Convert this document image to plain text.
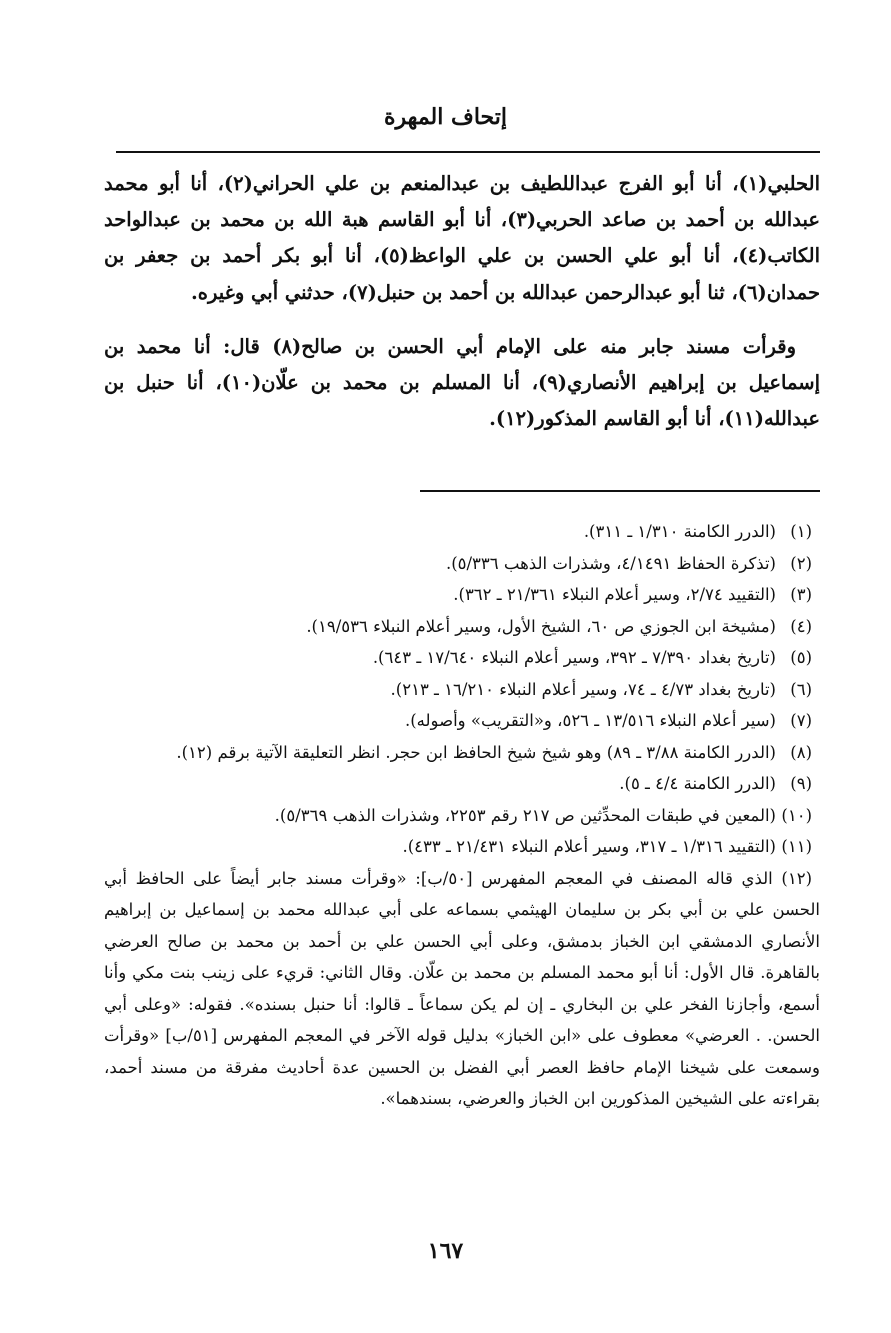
إتحاف المهرة

الحلبي(١)، أنا أبو الفرج عبداللطيف بن عبدالمنعم بن علي الحراني(٢)، أنا أبو محمد عبدالله بن أحمد بن صاعد الحربي(٣)، أنا أبو القاسم هبة الله بن محمد بن عبدالواحد الكاتب(٤)، أنا أبو علي الحسن بن علي الواعظ(٥)، أنا أبو بكر أحمد بن جعفر بن حمدان(٦)، ثنا أبو عبدالرحمن عبدالله بن أحمد بن حنبل(٧)، حدثني أبي وغيره.

وقرأت مسند جابر منه على الإمام أبي الحسن بن صالح(٨) قال: أنا محمد بن إسماعيل بن إبراهيم الأنصاري(٩)، أنا المسلم بن محمد بن علّان(١٠)، أنا حنبل بن عبدالله(١١)، أنا أبو القاسم المذكور(١٢).

(١)
(الدرر الكامنة ١/٣١٠ ـ ٣١١).
(٢)
(تذكرة الحفاظ ٤/١٤٩١، وشذرات الذهب ٥/٣٣٦).
(٣)
(التقييد ٢/٧٤، وسير أعلام النبلاء ٢١/٣٦١ ـ ٣٦٢).
(٤)
(مشيخة ابن الجوزي ص ٦٠، الشيخ الأول، وسير أعلام النبلاء ١٩/٥٣٦).
(٥)
(تاريخ بغداد ٧/٣٩٠ ـ ٣٩٢، وسير أعلام النبلاء ١٧/٦٤٠ ـ ٦٤٣).
(٦)
(تاريخ بغداد ٤/٧٣ ـ ٧٤، وسير أعلام النبلاء ١٦/٢١٠ ـ ٢١٣).
(٧)
(سير أعلام النبلاء ١٣/٥١٦ ـ ٥٢٦، و«التقريب» وأصوله).
(٨)
(الدرر الكامنة ٣/٨٨ ـ ٨٩) وهو شيخ شيخ الحافظ ابن حجر. انظر التعليقة الآتية برقم (١٢).
(٩)
(الدرر الكامنة ٤/٤ ـ ٥).
(١٠)
(المعين في طبقات المحدِّثين ص ٢١٧ رقم ٢٢٥٣، وشذرات الذهب ٥/٣٦٩).
(١١)
(التقييد ١/٣١٦ ـ ٣١٧، وسير أعلام النبلاء ٢١/٤٣١ ـ ٤٣٣).
(١٢) الذي قاله المصنف في المعجم المفهرس [٥٠/ب]: «وقرأت مسند جابر أيضاً على الحافظ أبي الحسن علي بن أبي بكر بن سليمان الهيثمي بسماعه على أبي عبدالله محمد بن إسماعيل بن إبراهيم الأنصاري الدمشقي ابن الخباز بدمشق، وعلى أبي الحسن علي بن أحمد بن محمد بن صالح العرضي بالقاهرة. قال الأول: أنا أبو محمد المسلم بن محمد بن علّان. وقال الثاني: قريء على زينب بنت مكي وأنا أسمع، وأجازنا الفخر علي بن البخاري ـ إن لم يكن سماعاً ـ قالوا: أنا حنبل بسنده». فقوله: «وعلى أبي الحسن. . العرضي» معطوف على «ابن الخباز» بدليل قوله الآخر في المعجم المفهرس [٥١/ب] «وقرأت وسمعت على شيخنا الإمام حافظ العصر أبي الفضل بن الحسين عدة أحاديث مفرقة من مسند أحمد، بقراءته على الشيخين المذكورين ابن الخباز والعرضي، بسندهما».
١٦٧
